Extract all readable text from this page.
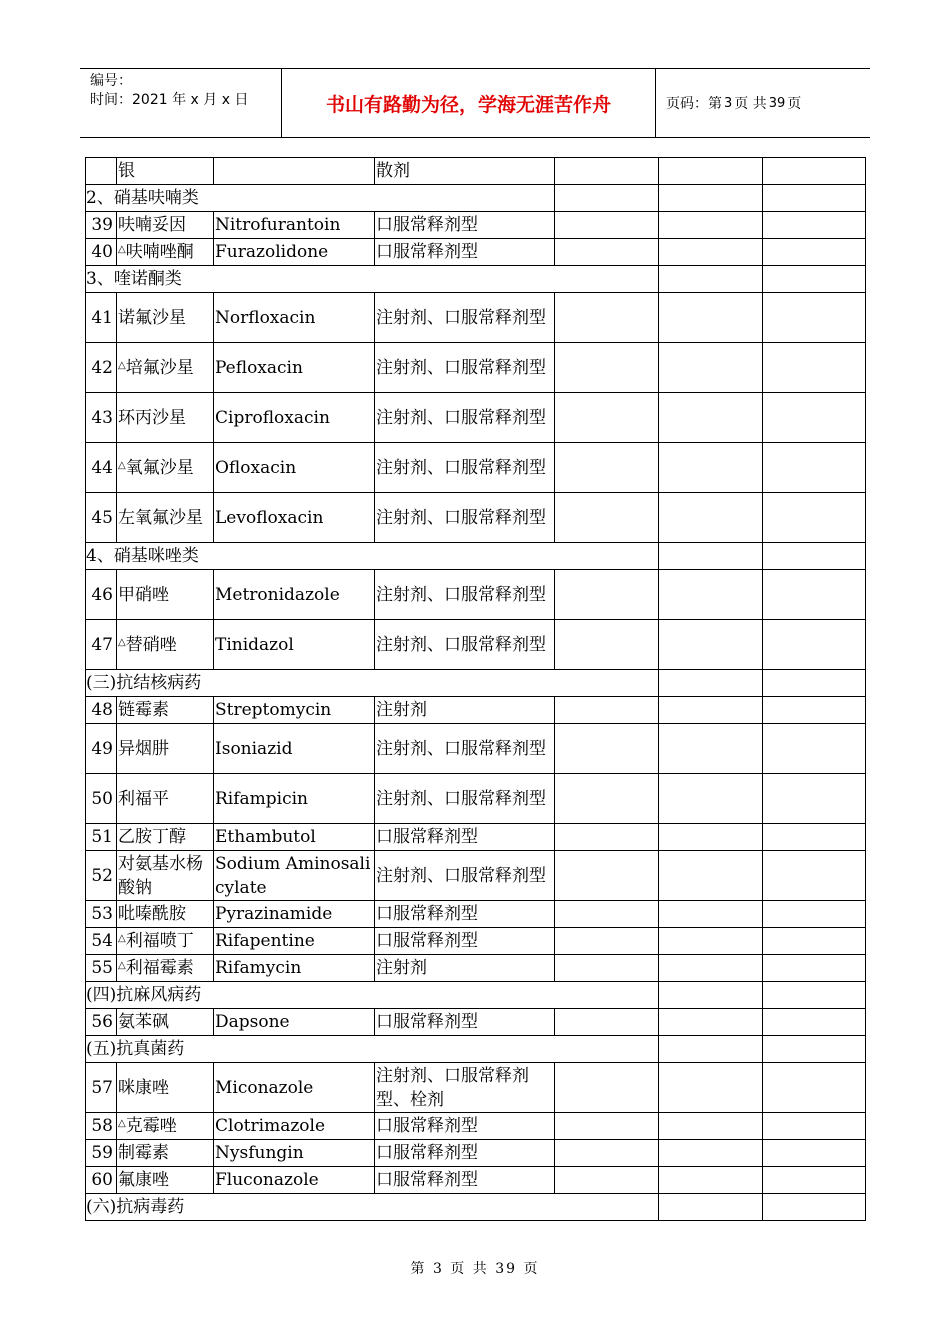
编号：
时间：2021 年 x 月 x 日	书山有路勤为径，学海无涯苦作舟	页码：第 3 页 共 39 页
	银		散剂			
2、硝基呋喃类						
39	呋喃妥因	Nitrofurantoin	口服常释剂型			
40	△呋喃唑酮	Furazolidone	口服常释剂型			
3、喹诺酮类						
41	诺氟沙星	Norfloxacin	注射剂、口服常释剂型			
42	△培氟沙星	Pefloxacin	注射剂、口服常释剂型			
43	环丙沙星	Ciprofloxacin	注射剂、口服常释剂型			
44	△氧氟沙星	Ofloxacin	注射剂、口服常释剂型			
45	左氧氟沙星	Levofloxacin	注射剂、口服常释剂型			
4、硝基咪唑类						
46	甲硝唑	Metronidazole	注射剂、口服常释剂型			
47	△替硝唑	Tinidazol	注射剂、口服常释剂型			
(三)抗结核病药						
48	链霉素	Streptomycin	注射剂			
49	异烟肼	Isoniazid	注射剂、口服常释剂型			
50	利福平	Rifampicin	注射剂、口服常释剂型			
51	乙胺丁醇	Ethambutol	口服常释剂型			
52	对氨基水杨酸钠	Sodium Aminosalicylate	注射剂、口服常释剂型			
53	吡嗪酰胺	Pyrazinamide	口服常释剂型			
54	△利福喷丁	Rifapentine	口服常释剂型			
55	△利福霉素	Rifamycin	注射剂			
(四)抗麻风病药						
56	氨苯砜	Dapsone	口服常释剂型			
(五)抗真菌药						
57	咪康唑	Miconazole	注射剂、口服常释剂型、栓剂			
58	△克霉唑	Clotrimazole	口服常释剂型			
59	制霉素	Nysfungin	口服常释剂型			
60	氟康唑	Fluconazole	口服常释剂型			
(六)抗病毒药						
第 3 页 共 39 页
